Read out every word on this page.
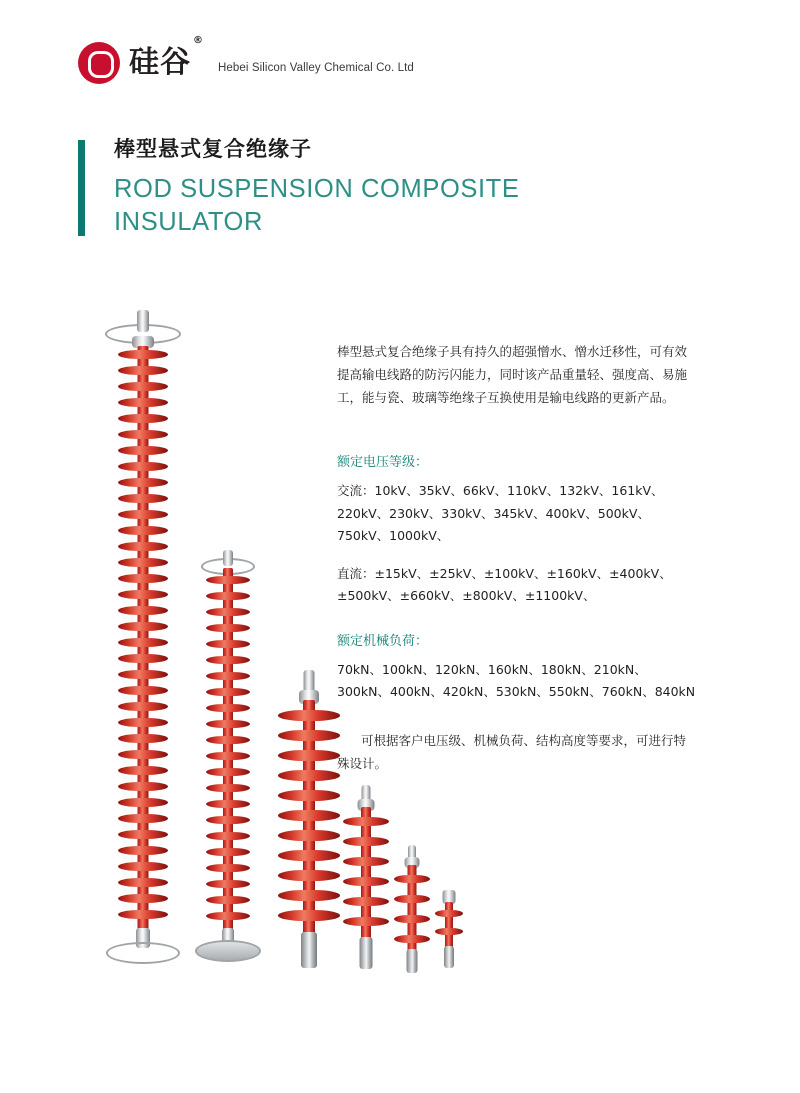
硅谷®
Hebei Silicon Valley Chemical Co. Ltd
棒型悬式复合绝缘子
ROD SUSPENSION COMPOSITE
INSULATOR

棒型悬式复合绝缘子具有持久的超强憎水、憎水迁移性，可有效提高输电线路的防污闪能力，同时该产品重量轻、强度高、易施工，能与瓷、玻璃等绝缘子互换使用是输电线路的更新产品。

额定电压等级：

交流：10kV、35kV、66kV、110kV、132kV、161kV、220kV、230kV、330kV、345kV、400kV、500kV、750kV、1000kV、

直流：±15kV、±25kV、±100kV、±160kV、±400kV、±500kV、±660kV、±800kV、±1100kV、

额定机械负荷：

70kN、100kN、120kN、160kN、180kN、210kN、300kN、400kN、420kN、530kN、550kN、760kN、840kN

可根据客户电压级、机械负荷、结构高度等要求，可进行特殊设计。
